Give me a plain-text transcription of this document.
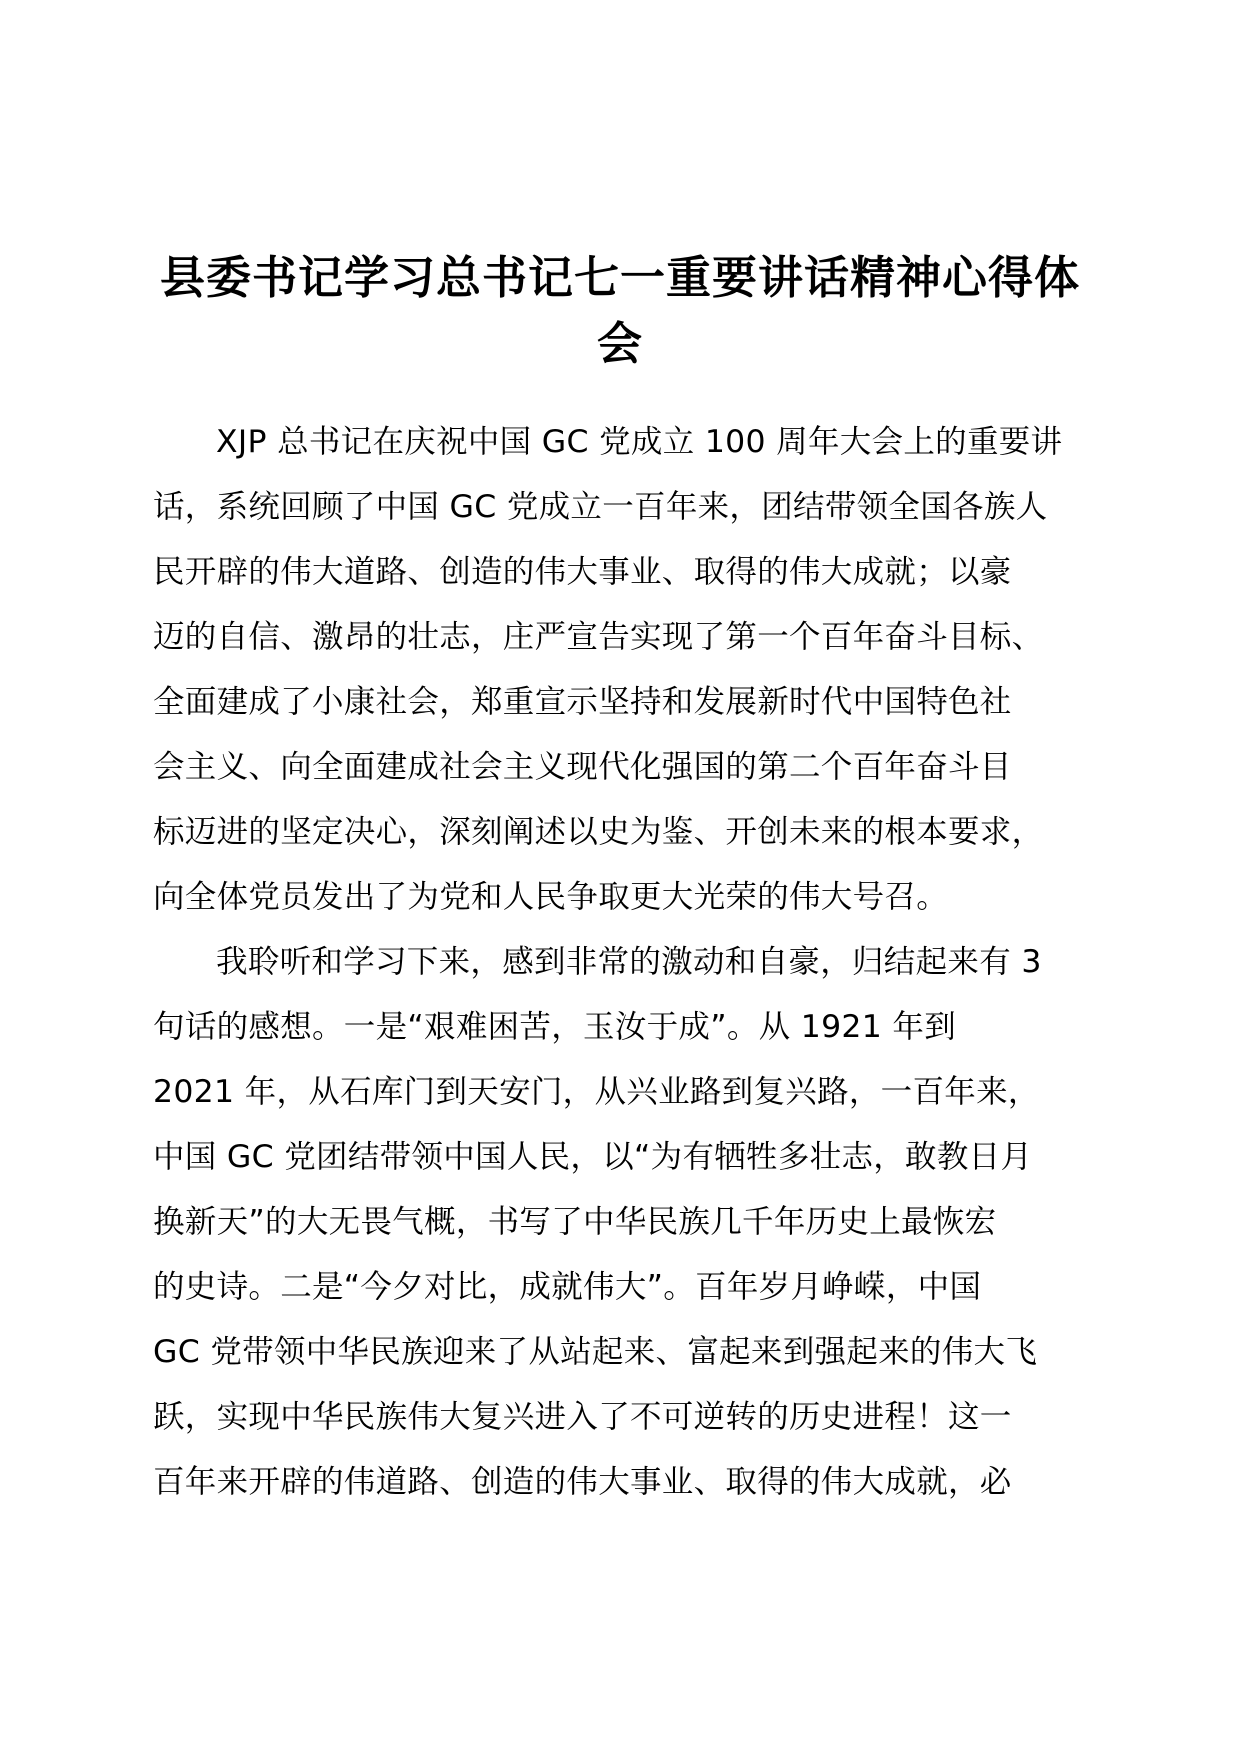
县委书记学习总书记七一重要讲话精神心得体
会

XJP 总书记在庆祝中国 GC 党成立 100 周年大会上的重要讲
话，系统回顾了中国 GC 党成立一百年来，团结带领全国各族人
民开辟的伟大道路、创造的伟大事业、取得的伟大成就；以豪
迈的自信、激昂的壮志，庄严宣告实现了第一个百年奋斗目标、
全面建成了小康社会，郑重宣示坚持和发展新时代中国特色社
会主义、向全面建成社会主义现代化强国的第二个百年奋斗目
标迈进的坚定决心，深刻阐述以史为鉴、开创未来的根本要求，
向全体党员发出了为党和人民争取更大光荣的伟大号召。

我聆听和学习下来，感到非常的激动和自豪，归结起来有 3
句话的感想。一是“艰难困苦，玉汝于成”。从 1921 年到
2021 年，从石库门到天安门，从兴业路到复兴路，一百年来，
中国 GC 党团结带领中国人民，以“为有牺牲多壮志，敢教日月
换新天”的大无畏气概，书写了中华民族几千年历史上最恢宏
的史诗。二是“今夕对比，成就伟大”。百年岁月峥嵘，中国
GC 党带领中华民族迎来了从站起来、富起来到强起来的伟大飞
跃，实现中华民族伟大复兴进入了不可逆转的历史进程！这一
百年来开辟的伟道路、创造的伟大事业、取得的伟大成就，必
